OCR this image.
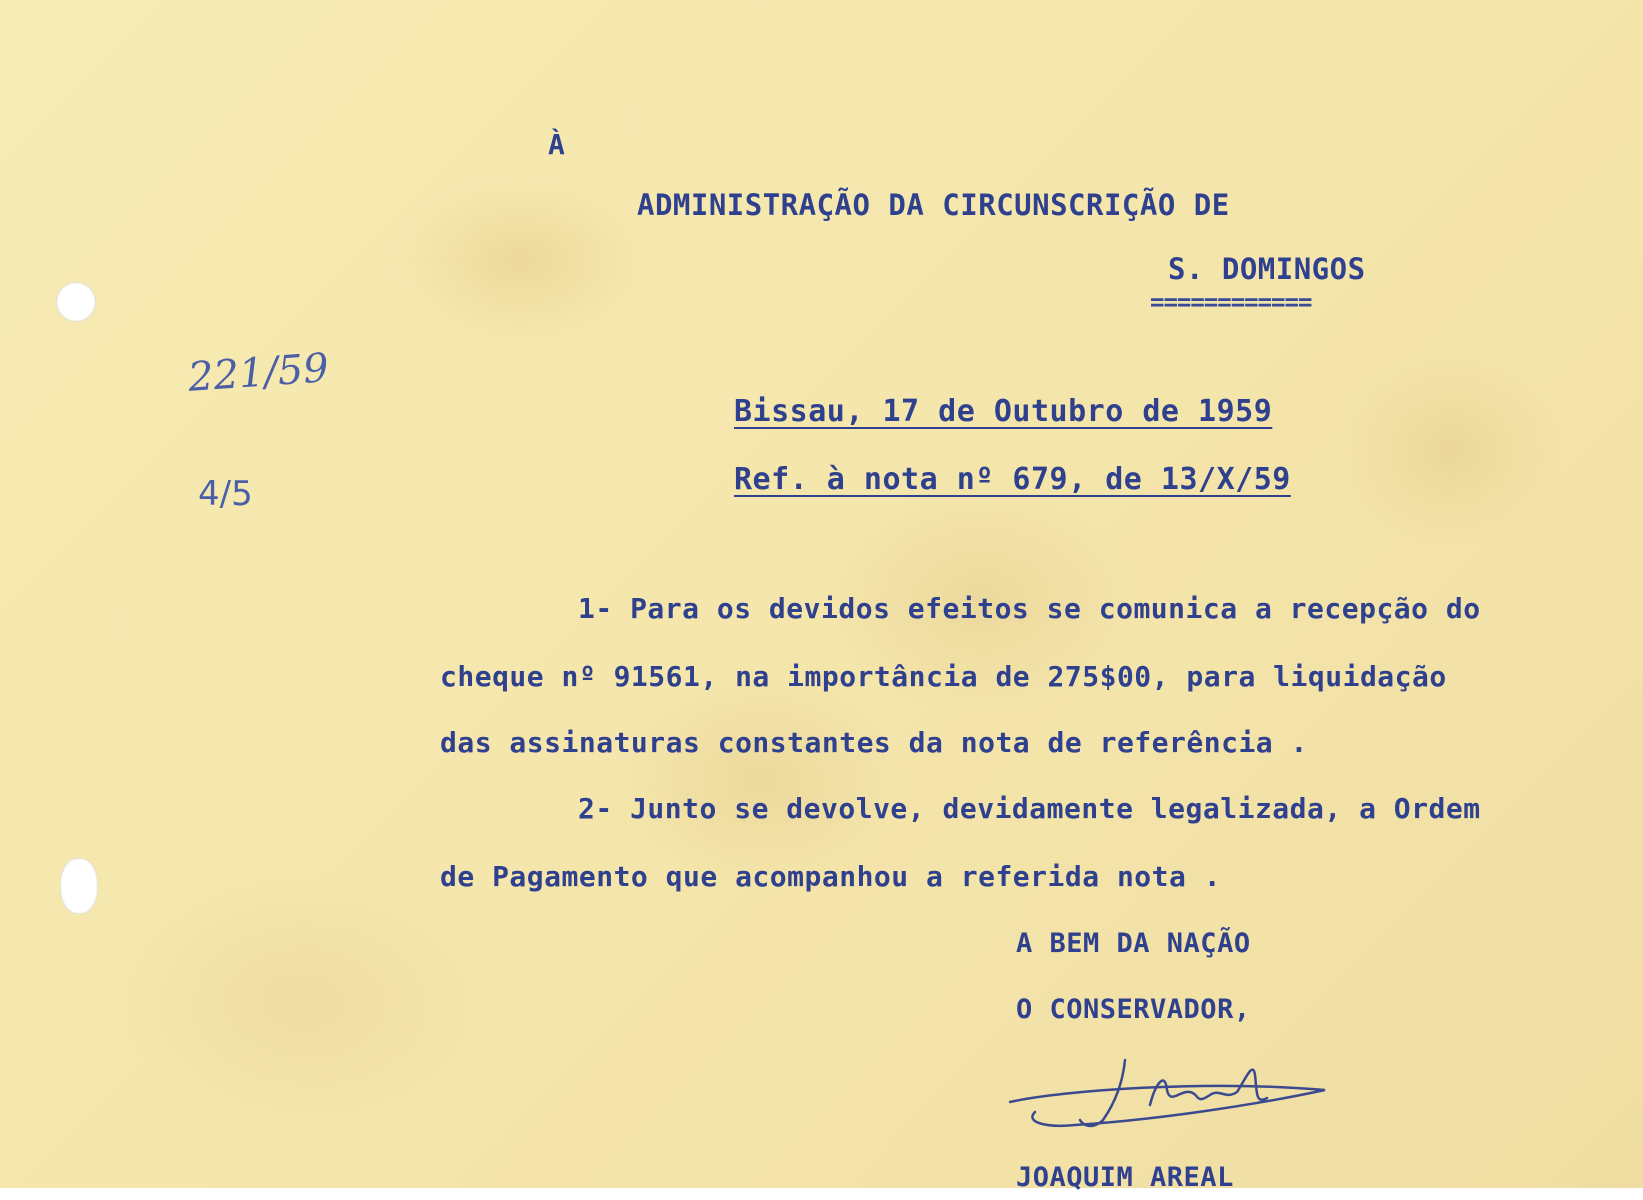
À
ADMINISTRAÇÃO DA CIRCUNSCRIÇÃO DE
S. DOMINGOS
============
221/59
4/5
Bissau, 17 de Outubro de 1959
Ref. à nota nº 679, de 13/X/59
1- Para os devidos efeitos se comunica a recepção do
cheque nº 91561, na importância de 275$00, para liquidação
das assinaturas constantes da nota de referência .
2- Junto se devolve, devidamente legalizada, a Ordem
de Pagamento que acompanhou a referida nota .
A BEM DA NAÇÃO
O CONSERVADOR,
JOAQUIM AREAL
